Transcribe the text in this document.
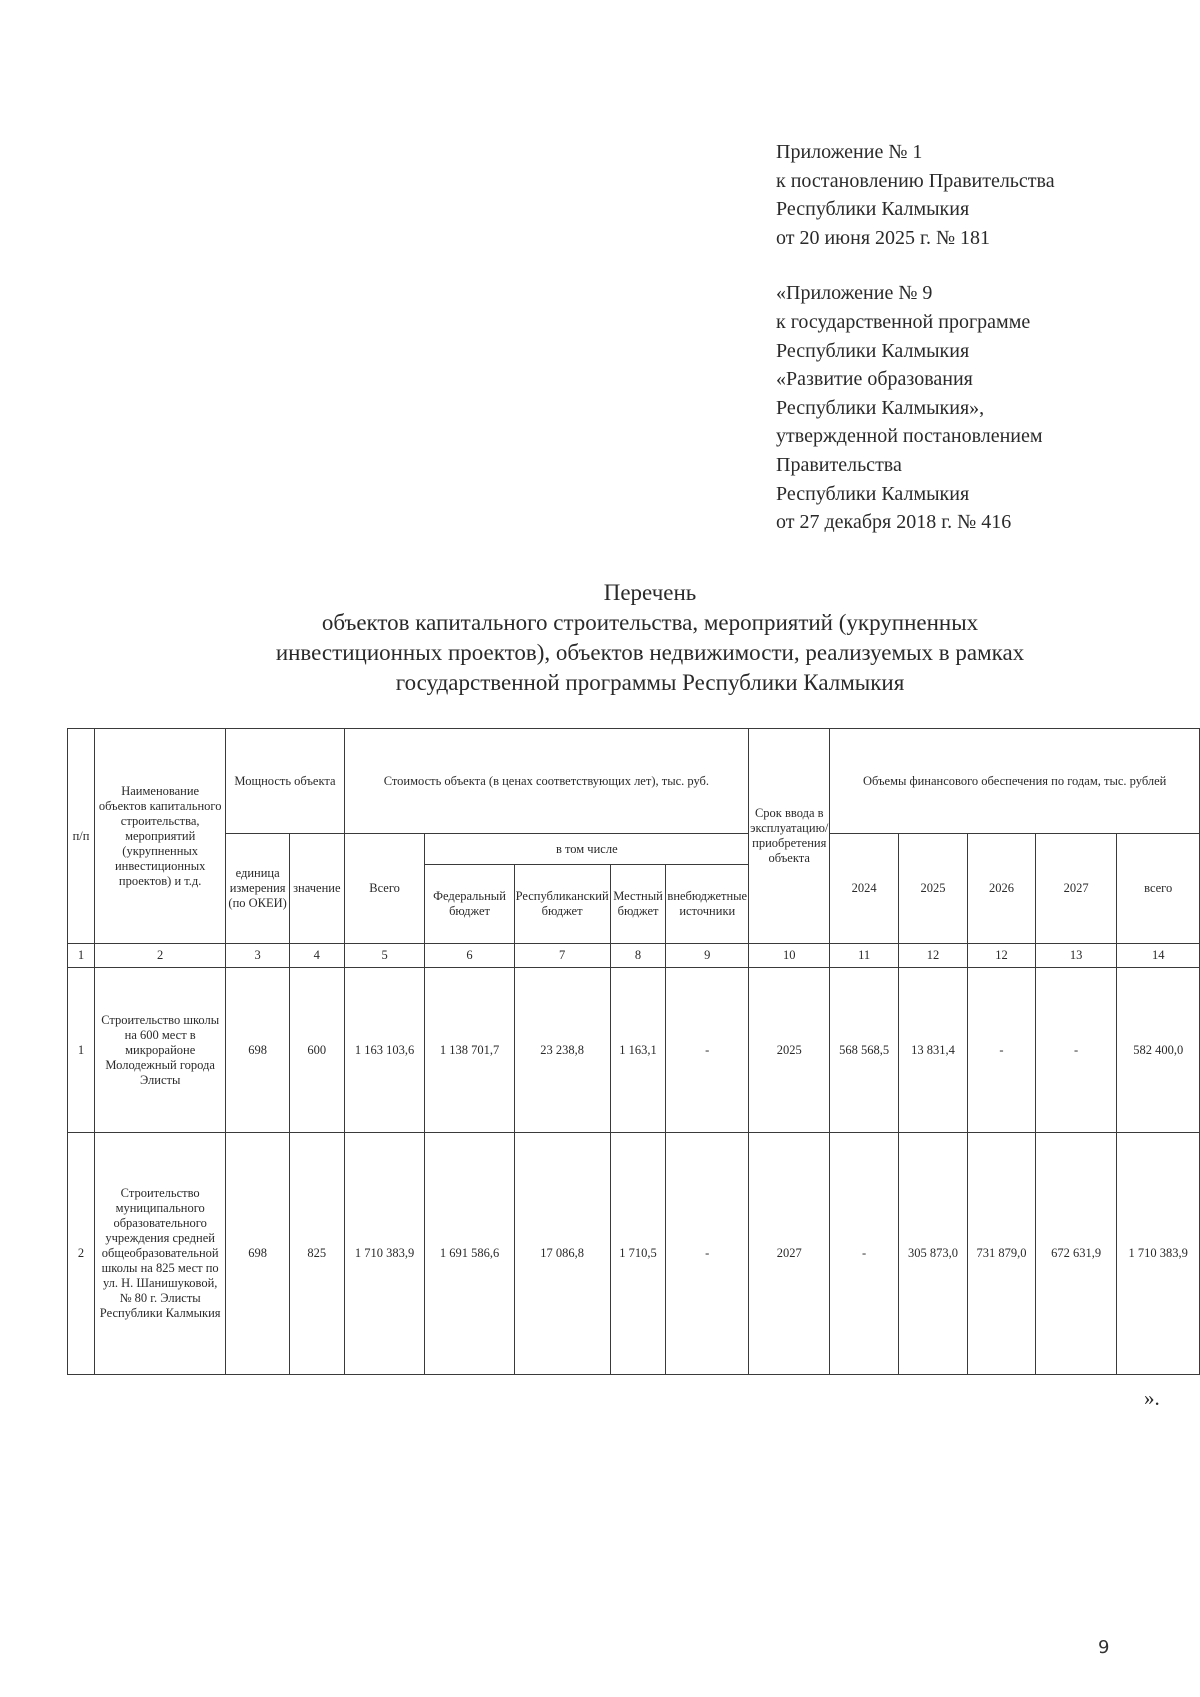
Приложение № 1
к постановлению Правительства
Республики Калмыкия
от 20 июня 2025 г. № 181
«Приложение № 9
к государственной программе
Республики Калмыкия
«Развитие образования
Республики Калмыкия»,
утвержденной постановлением
Правительства
Республики Калмыкия
от 27 декабря 2018 г. № 416
Перечень
объектов капитального строительства, мероприятий (укрупненных
инвестиционных проектов), объектов недвижимости, реализуемых в рамках
государственной программы Республики Калмыкия
п/п	Наименование объектов капитального строительства, мероприятий (укрупненных инвестиционных проектов) и т.д.	Мощность объекта		Стоимость объекта (в ценах соответствующих лет), тыс. руб.					Срок ввода в эксплуатацию/ приобретения объекта	Объемы финансового обеспечения по годам, тыс. рублей				
		единица измерения (по ОКЕИ)	значение	Всего	в том числе					2024	2025	2026	2027	всего
					Федеральный бюджет	Республиканский бюджет	Местный бюджет	внебюджетные источники						
1	2	3	4	5	6	7	8	9	10	11	12	12	13	14
1	Строительство школы на 600 мест в микрорайоне Молодежный города Элисты	698	600	1 163 103,6	1 138 701,7	23 238,8	1 163,1	-	2025	568 568,5	13 831,4	-	-	582 400,0
2	Строительство муниципального образовательного учреждения средней общеобразовательной школы на 825 мест по ул. Н. Шанишуковой, № 80 г. Элисты Республики Калмыкия	698	825	1 710 383,9	1 691 586,6	17 086,8	1 710,5	-	2027	-	305 873,0	731 879,0	672 631,9	1 710 383,9
».
9
